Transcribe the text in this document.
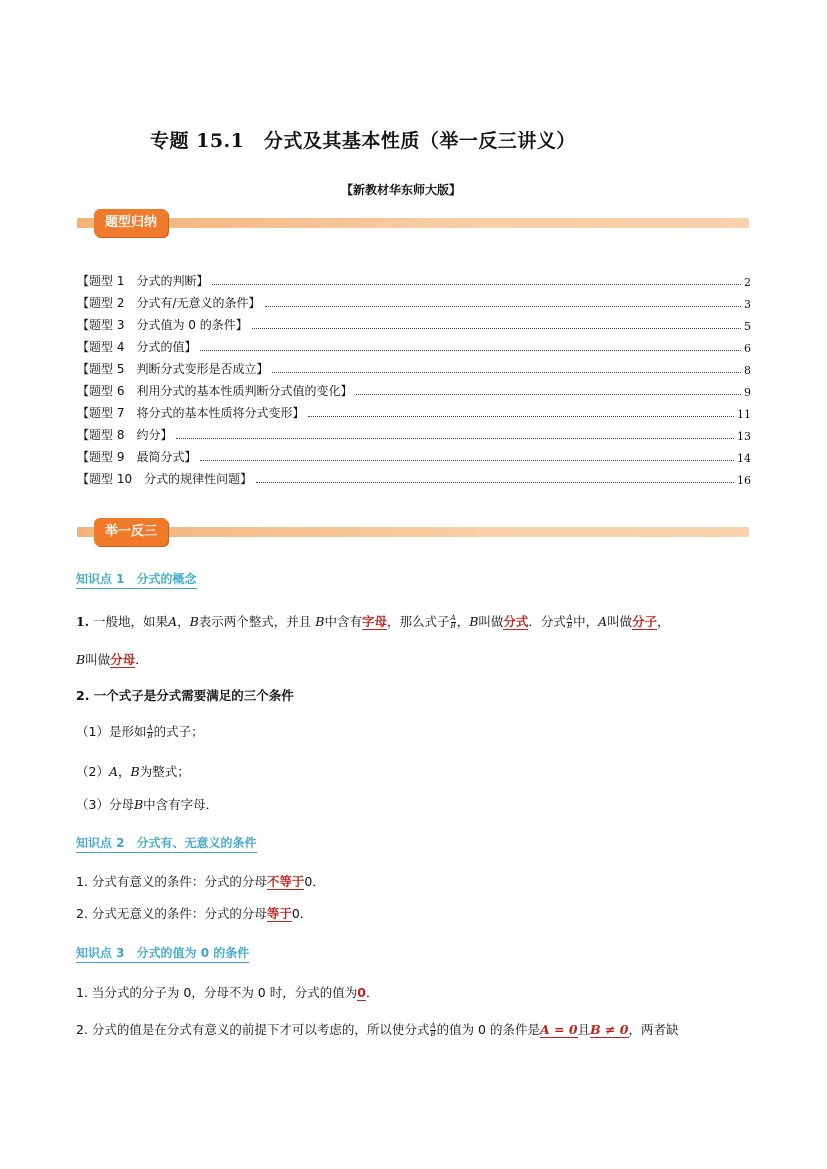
专题 15.1　分式及其基本性质（举一反三讲义）
【新教材华东师大版】
题型归纳
【题型 1　分式的判断】	2
【题型 2　分式有/无意义的条件】	3
【题型 3　分式值为 0 的条件】	5
【题型 4　分式的值】	6
【题型 5　判断分式变形是否成立】	8
【题型 6　利用分式的基本性质判断分式值的变化】	9
【题型 7　将分式的基本性质将分式变形】	11
【题型 8　约分】	13
【题型 9　最简分式】	14
【题型 10　分式的规律性问题】	16
举一反三
知识点 1　分式的概念
1. 一般地，如果A，B表示两个整式，并且 B中含有字母，那么式子 $\frac{A}{B}$ ，B叫做分式．分式 $\frac{A}{B}$ 中，A叫做分子，
B叫做分母．
2. 一个式子是分式需要满足的三个条件
（1）是形如 $\frac{A}{B}$ 的式子；
（2）A，B为整式；
（3）分母B中含有字母．
知识点 2　分式有、无意义的条件
1. 分式有意义的条件：分式的分母不等于0．
2. 分式无意义的条件：分式的分母等于0．
知识点 3　分式的值为 0 的条件
1. 当分式的分子为 0，分母不为 0 时，分式的值为0．
2. 分式的值是在分式有意义的前提下才可以考虑的，所以使分式 $\frac{A}{B}$ 的值为 0 的条件是A = 0且B ≠ 0，两者缺
